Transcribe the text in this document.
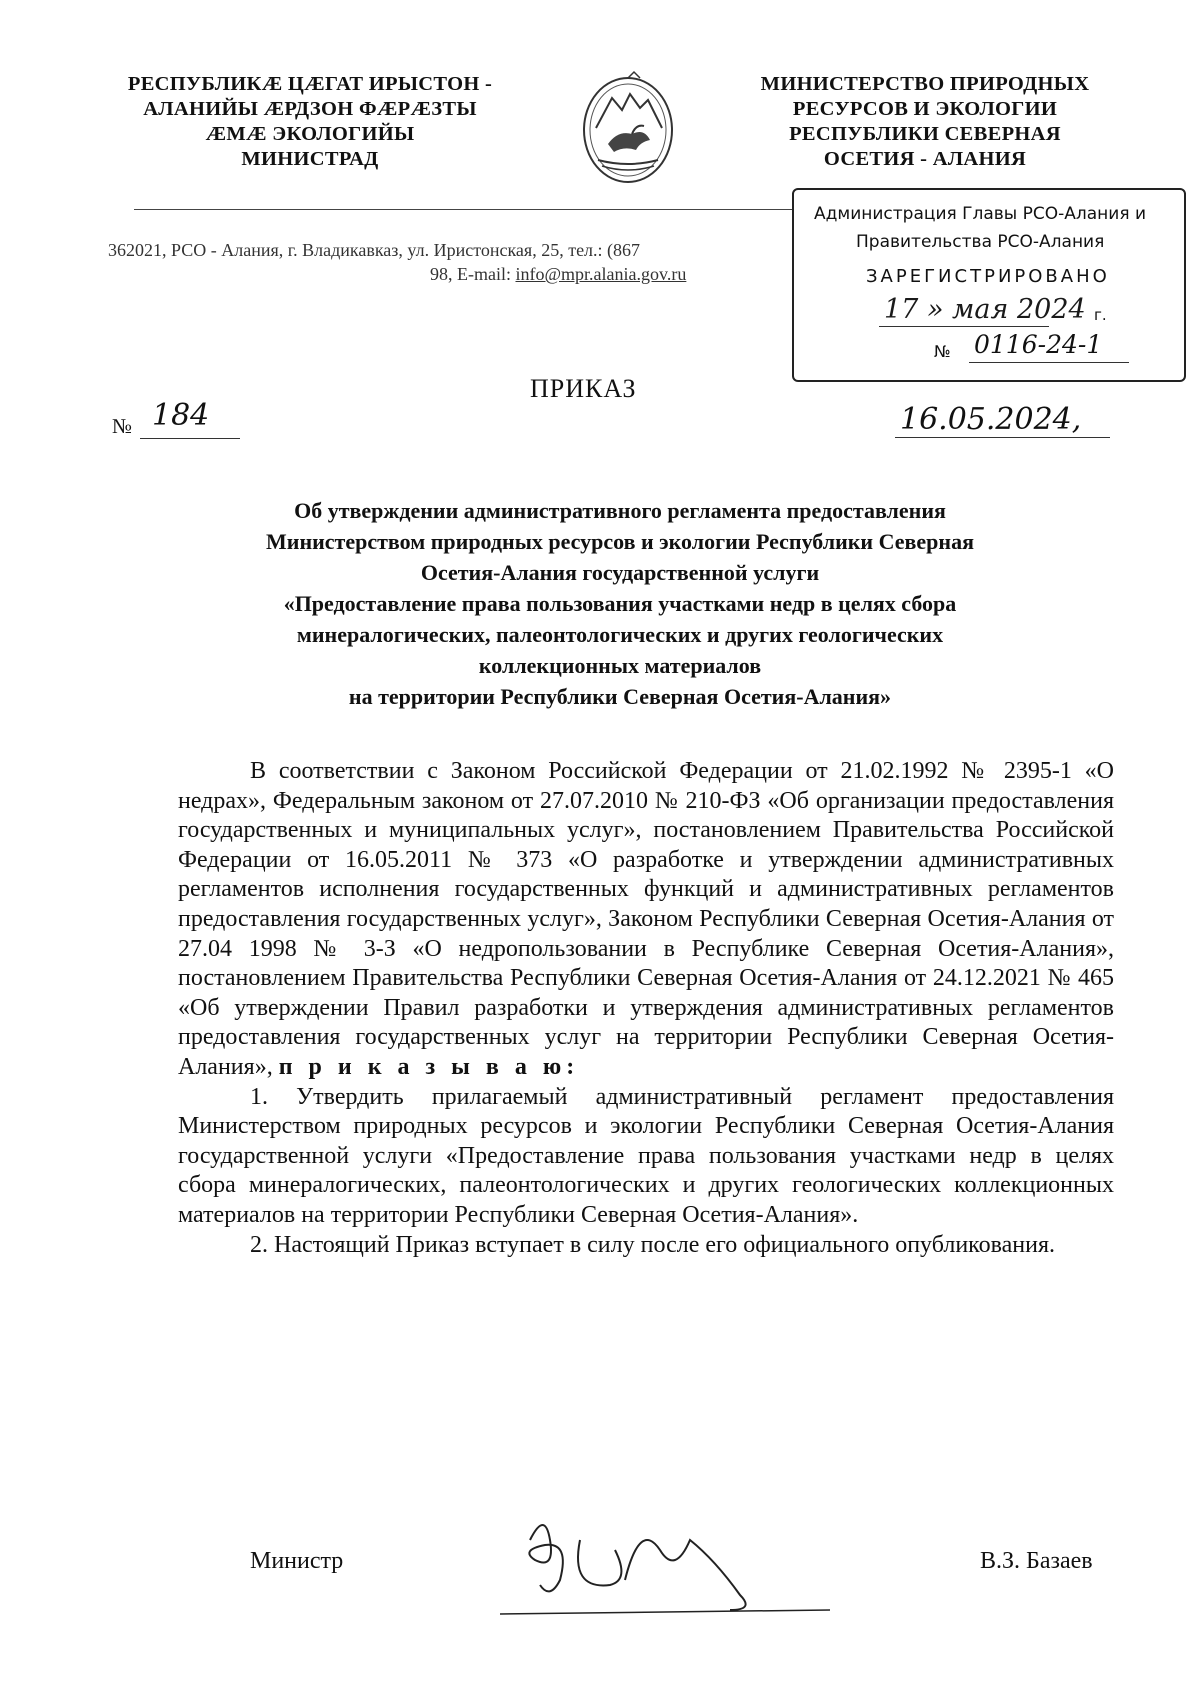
РЕСПУБЛИКÆ ЦÆГАТ ИРЫСТОН -
АЛАНИЙЫ ÆРДЗОН ФÆРÆЗТЫ
ÆМÆ ЭКОЛОГИЙЫ
МИНИСТРАД
МИНИСТЕРСТВО ПРИРОДНЫХ
РЕСУРСОВ И ЭКОЛОГИИ
РЕСПУБЛИКИ СЕВЕРНАЯ
ОСЕТИЯ - АЛАНИЯ
362021, РСО - Алания, г. Владикавказ, ул. Иристонская, 25, тел.: (867
98, E-mail: info@mpr.alania.gov.ru
Администрация Главы РСО-Алания и
Правительства РСО-Алания
ЗАРЕГИСТРИРОВАНО
17 » мая 2024 г.
№ 0116-24-1
ПРИКАЗ
№ 184	16.05.2024,
Об утверждении административного регламента предоставления
Министерством природных ресурсов и экологии Республики Северная
Осетия-Алания государственной услуги
«Предоставление права пользования участками недр в целях сбора
минералогических, палеонтологических и других геологических
коллекционных материалов
на территории Республики Северная Осетия-Алания»

В соответствии с Законом Российской Федерации от 21.02.1992 № 2395-1 «О недрах», Федеральным законом от 27.07.2010 № 210-ФЗ «Об организации предоставления государственных и муниципальных услуг», постановлением Правительства Российской Федерации от 16.05.2011 № 373 «О разработке и утверждении административных регламентов исполнения государственных функций и административных регламентов предоставления государственных услуг», Законом Республики Северная Осетия-Алания от 27.04 1998 № 3-З «О недропользовании в Республике Северная Осетия-Алания», постановлением Правительства Республики Северная Осетия-Алания от 24.12.2021 № 465 «Об утверждении Правил разработки и утверждения административных регламентов предоставления государственных услуг на территории Республики Северная Осетия-Алания», п р и к а з ы в а ю:

1. Утвердить прилагаемый административный регламент предоставления Министерством природных ресурсов и экологии Республики Северная Осетия-Алания государственной услуги «Предоставление права пользования участками недр в целях сбора минералогических, палеонтологических и других геологических коллекционных материалов на территории Республики Северная Осетия-Алания».

2. Настоящий Приказ вступает в силу после его официального опубликования.

Министр	В.З. Базаев
